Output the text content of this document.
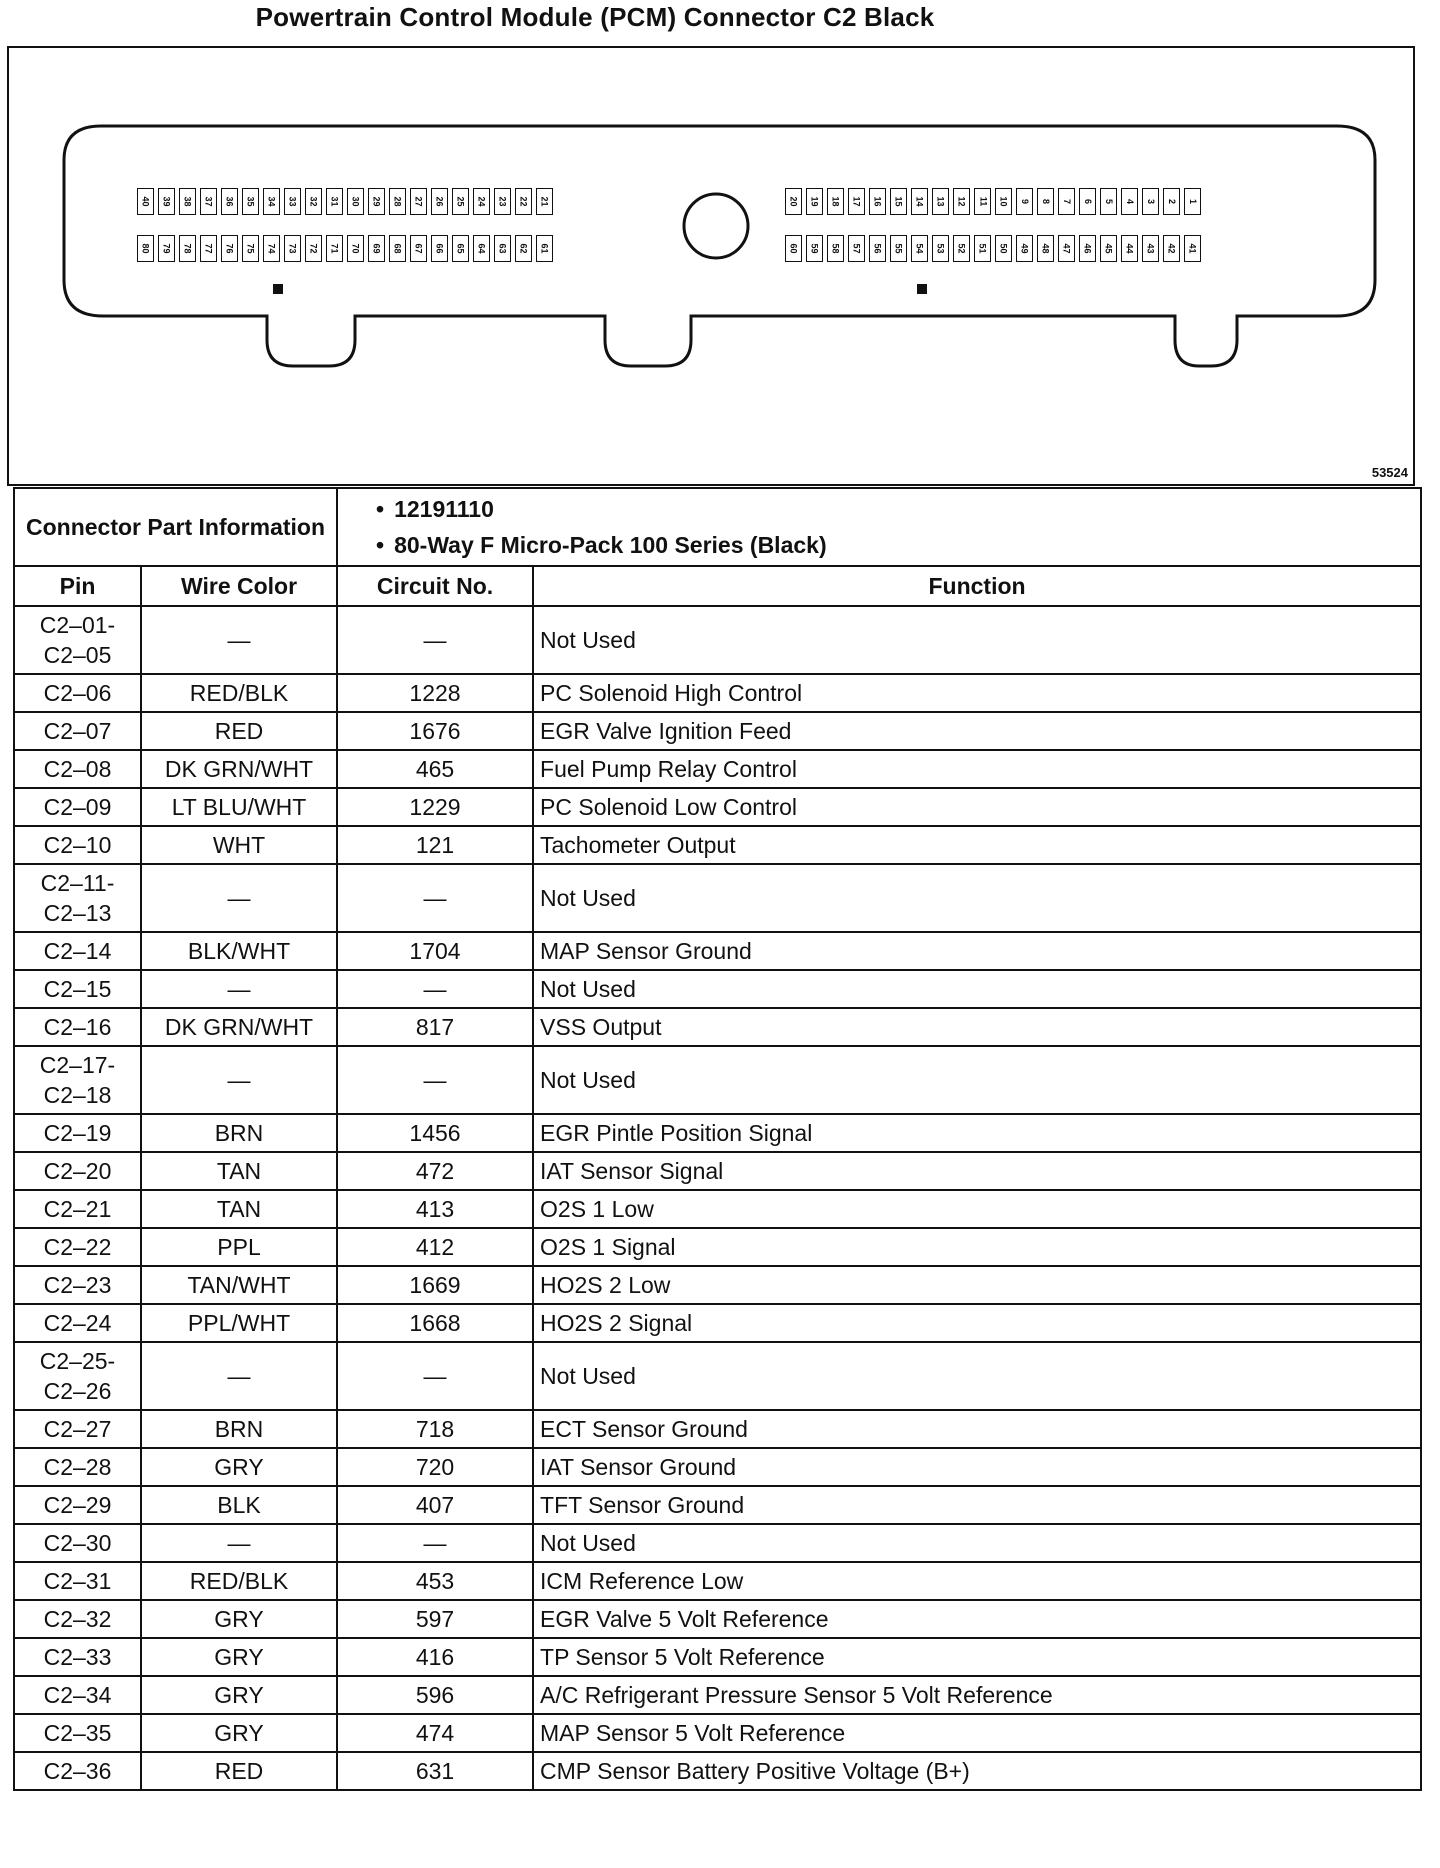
Powertrain Control Module (PCM) Connector C2 Black
40 39 38 37 36 35 34 33 32 31 30 29 28 27 26 25 24 23 22 21
80 79 78 77 76 75 74 73 72 71 70 69 68 67 66 65 64 63 62 61
20 19 18 17 16 15 14 13 12 11 10 9 8 7 6 5 4 3 2 1
60 59 58 57 56 55 54 53 52 51 50 49 48 47 46 45 44 43 42 41
53524
Connector Part Information		• 12191110
• 80-Way F Micro-Pack 100 Series (Black)

Pin	Wire Color	Circuit No.	Function
C2–01-
C2–05	—	—	Not Used
C2–06	RED/BLK	1228	PC Solenoid High Control
C2–07	RED	1676	EGR Valve Ignition Feed
C2–08	DK GRN/WHT	465	Fuel Pump Relay Control
C2–09	LT BLU/WHT	1229	PC Solenoid Low Control
C2–10	WHT	121	Tachometer Output
C2–11-
C2–13	—	—	Not Used
C2–14	BLK/WHT	1704	MAP Sensor Ground
C2–15	—	—	Not Used
C2–16	DK GRN/WHT	817	VSS Output
C2–17-
C2–18	—	—	Not Used
C2–19	BRN	1456	EGR Pintle Position Signal
C2–20	TAN	472	IAT Sensor Signal
C2–21	TAN	413	O2S 1 Low
C2–22	PPL	412	O2S 1 Signal
C2–23	TAN/WHT	1669	HO2S 2 Low
C2–24	PPL/WHT	1668	HO2S 2 Signal
C2–25-
C2–26	—	—	Not Used
C2–27	BRN	718	ECT Sensor Ground
C2–28	GRY	720	IAT Sensor Ground
C2–29	BLK	407	TFT Sensor Ground
C2–30	—	—	Not Used
C2–31	RED/BLK	453	ICM Reference Low
C2–32	GRY	597	EGR Valve 5 Volt Reference
C2–33	GRY	416	TP Sensor 5 Volt Reference
C2–34	GRY	596	A/C Refrigerant Pressure Sensor 5 Volt Reference
C2–35	GRY	474	MAP Sensor 5 Volt Reference
C2–36	RED	631	CMP Sensor Battery Positive Voltage (B+)
